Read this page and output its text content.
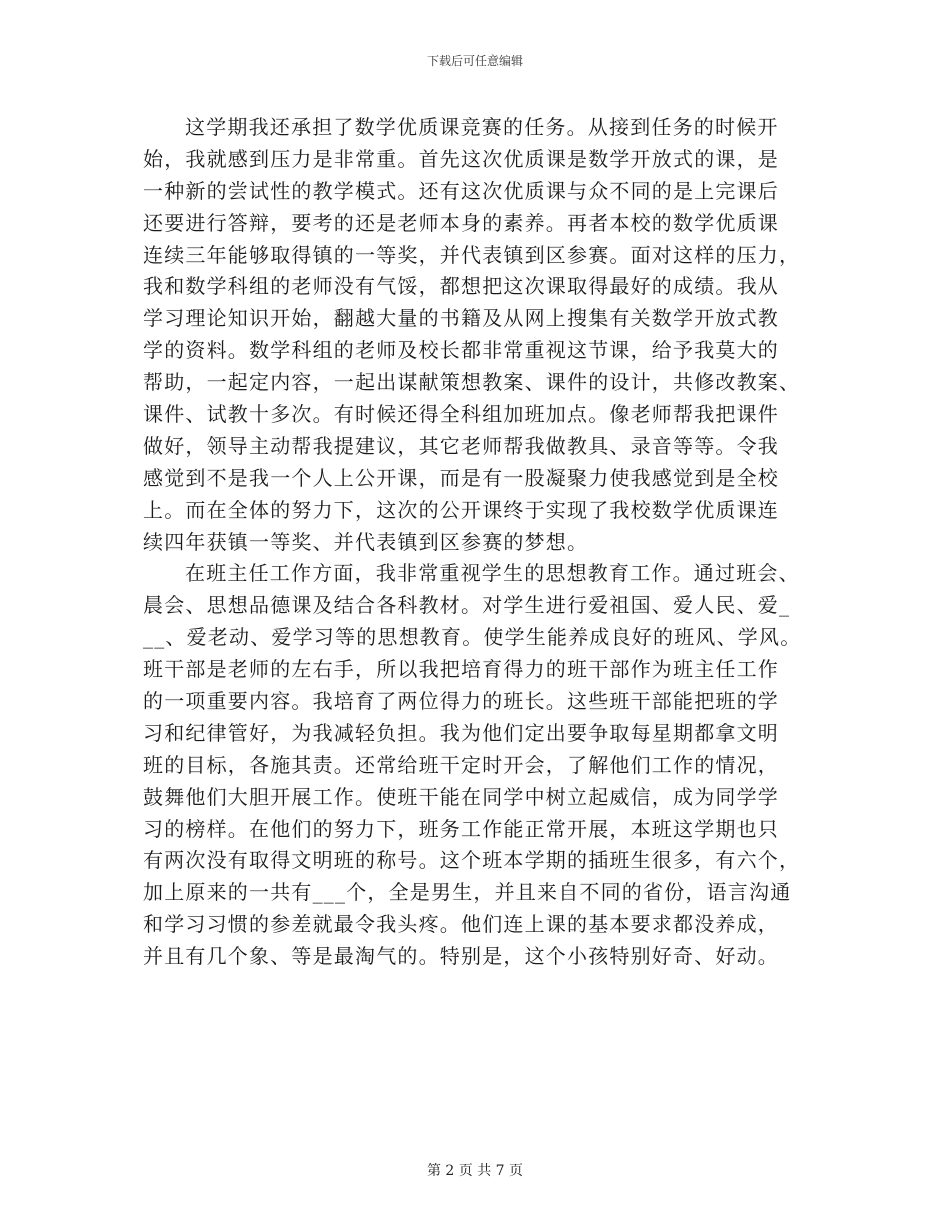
下载后可任意编辑
这学期我还承担了数学优质课竞赛的任务。从接到任务的时候开
始，我就感到压力是非常重。首先这次优质课是数学开放式的课，是
一种新的尝试性的教学模式。还有这次优质课与众不同的是上完课后
还要进行答辩，要考的还是老师本身的素养。再者本校的数学优质课
连续三年能够取得镇的一等奖，并代表镇到区参赛。面对这样的压力，
我和数学科组的老师没有气馁，都想把这次课取得最好的成绩。我从
学习理论知识开始，翻越大量的书籍及从网上搜集有关数学开放式教
学的资料。数学科组的老师及校长都非常重视这节课，给予我莫大的
帮助，一起定内容，一起出谋献策想教案、课件的设计，共修改教案、
课件、试教十多次。有时候还得全科组加班加点。像老师帮我把课件
做好，领导主动帮我提建议，其它老师帮我做教具、录音等等。令我
感觉到不是我一个人上公开课，而是有一股凝聚力使我感觉到是全校
上。而在全体的努力下，这次的公开课终于实现了我校数学优质课连
续四年获镇一等奖、并代表镇到区参赛的梦想。
在班主任工作方面，我非常重视学生的思想教育工作。通过班会、
晨会、思想品德课及结合各科教材。对学生进行爱祖国、爱人民、爱_
__、爱老动、爱学习等的思想教育。使学生能养成良好的班风、学风。
班干部是老师的左右手，所以我把培育得力的班干部作为班主任工作
的一项重要内容。我培育了两位得力的班长。这些班干部能把班的学
习和纪律管好，为我减轻负担。我为他们定出要争取每星期都拿文明
班的目标，各施其责。还常给班干定时开会，了解他们工作的情况，
鼓舞他们大胆开展工作。使班干能在同学中树立起威信，成为同学学
习的榜样。在他们的努力下，班务工作能正常开展，本班这学期也只
有两次没有取得文明班的称号。这个班本学期的插班生很多，有六个，
加上原来的一共有___个，全是男生，并且来自不同的省份，语言沟通
和学习习惯的参差就最令我头疼。他们连上课的基本要求都没养成，
并且有几个象、等是最淘气的。特别是，这个小孩特别好奇、好动。
第 2 页 共 7 页
